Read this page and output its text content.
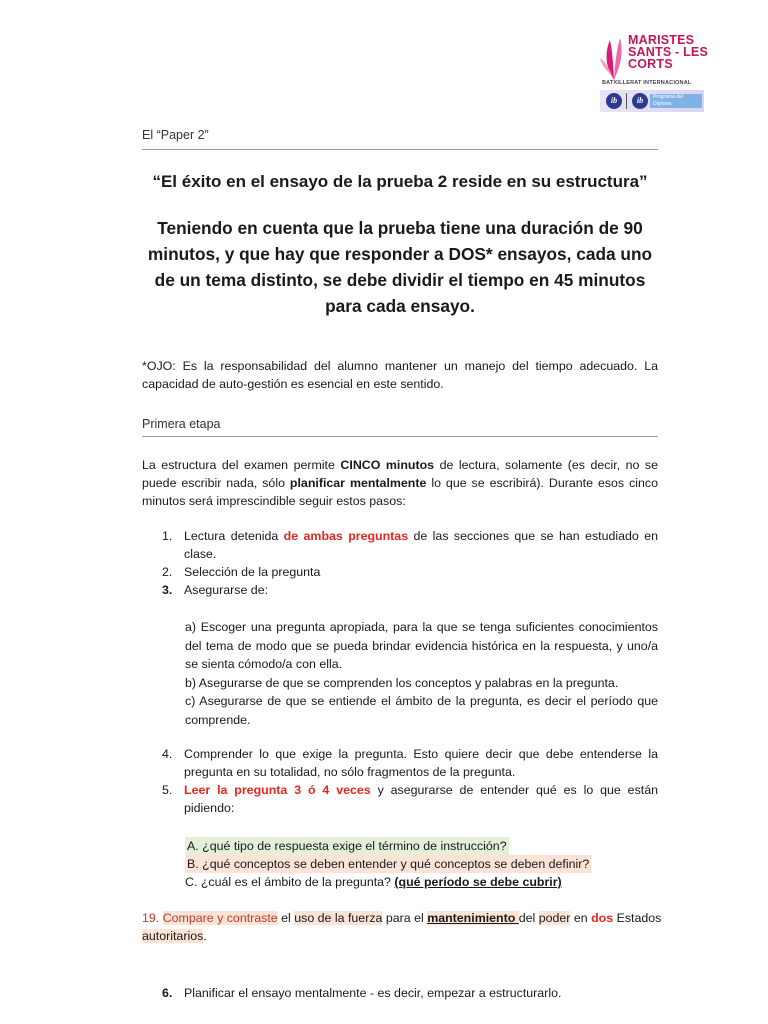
MARISTES
SANTS - LES
CORTS
BATXILLERAT INTERNACIONAL
ib	ib	Programa del Diploma
El “Paper 2”
“El éxito en el ensayo de la prueba 2 reside en su estructura”
Teniendo en cuenta que la prueba tiene una duración de 90 minutos, y que hay que responder a DOS* ensayos, cada uno de un tema distinto, se debe dividir el tiempo en 45 minutos para cada ensayo.
*OJO: Es la responsabilidad del alumno mantener un manejo del tiempo adecuado. La capacidad de auto-gestión es esencial en este sentido.
Primera etapa
La estructura del examen permite CINCO minutos de lectura, solamente (es decir, no se puede escribir nada, sólo planificar mentalmente lo que se escribirá). Durante esos cinco minutos será imprescindible seguir estos pasos:
1. Lectura detenida de ambas preguntas de las secciones que se han estudiado en clase.
2. Selección de la pregunta
3. Asegurarse de:
a) Escoger una pregunta apropiada, para la que se tenga suficientes conocimientos del tema de modo que se pueda brindar evidencia histórica en la respuesta, y uno/a se sienta cómodo/a con ella.
b) Asegurarse de que se comprenden los conceptos y palabras en la pregunta.
c) Asegurarse de que se entiende el ámbito de la pregunta, es decir el período que comprende.
4. Comprender lo que exige la pregunta. Esto quiere decir que debe entenderse la pregunta en su totalidad, no sólo fragmentos de la pregunta.
5. Leer la pregunta 3 ó 4 veces y asegurarse de entender qué es lo que están pidiendo:
A. ¿qué tipo de respuesta exige el término de instrucción?
B. ¿qué conceptos se deben entender y qué conceptos se deben definir?
C. ¿cuál es el ámbito de la pregunta? (qué período se debe cubrir)
19. Compare y contraste el uso de la fuerza para el mantenimiento del poder en dos Estados
autoritarios.
6. Planificar el ensayo mentalmente - es decir, empezar a estructurarlo.
